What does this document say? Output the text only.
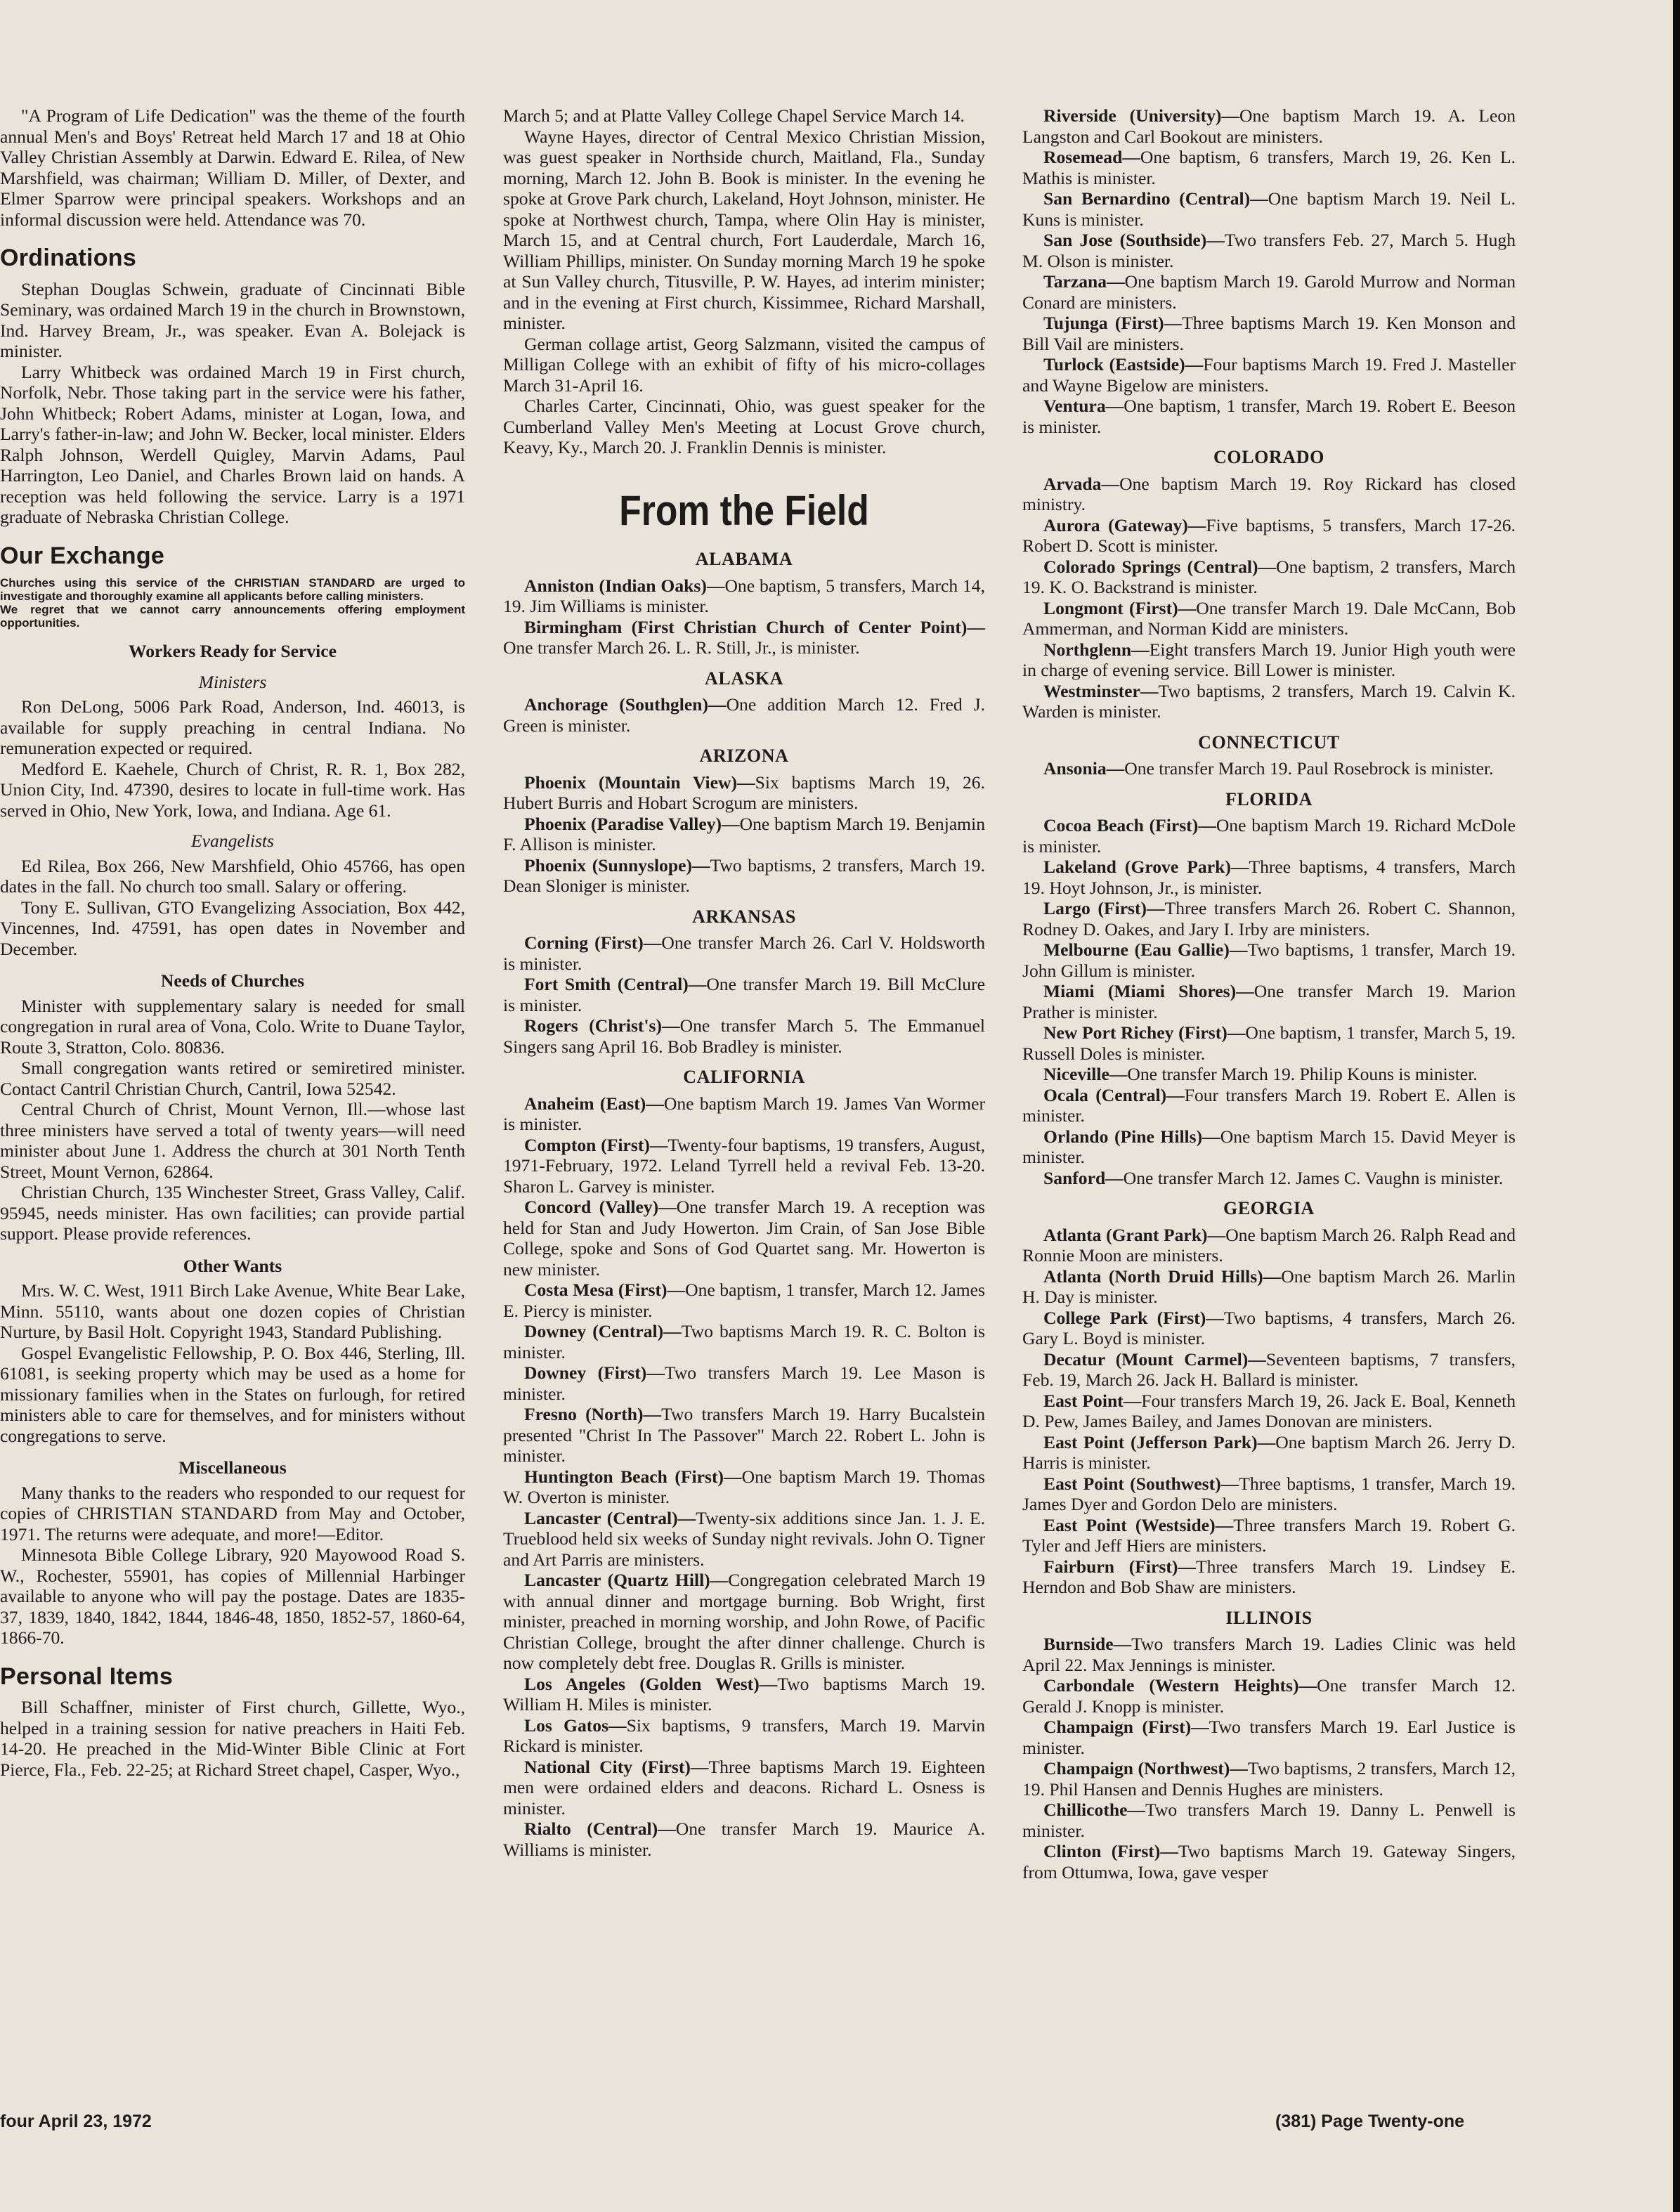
"A Program of Life Dedication" was the theme of the fourth annual Men's and Boys' Retreat held March 17 and 18 at Ohio Valley Christian Assembly at Darwin. Edward E. Rilea, of New Marshfield, was chairman; William D. Miller, of Dexter, and Elmer Sparrow were principal speakers. Workshops and an informal discussion were held. Attendance was 70.

Ordinations

Stephan Douglas Schwein, graduate of Cincinnati Bible Seminary, was ordained March 19 in the church in Brownstown, Ind. Harvey Bream, Jr., was speaker. Evan A. Bolejack is minister.

Larry Whitbeck was ordained March 19 in First church, Norfolk, Nebr. Those taking part in the service were his father, John Whitbeck; Robert Adams, minister at Logan, Iowa, and Larry's father-in-law; and John W. Becker, local minister. Elders Ralph Johnson, Werdell Quigley, Marvin Adams, Paul Harrington, Leo Daniel, and Charles Brown laid on hands. A reception was held following the service. Larry is a 1971 graduate of Nebraska Christian College.

Our Exchange

Churches using this service of the CHRISTIAN STANDARD are urged to investigate and thoroughly examine all applicants before calling ministers.

We regret that we cannot carry announcements offering employment opportunities.

Workers Ready for Service
Ministers

Ron DeLong, 5006 Park Road, Anderson, Ind. 46013, is available for supply preaching in central Indiana. No remuneration expected or required.

Medford E. Kaehele, Church of Christ, R. R. 1, Box 282, Union City, Ind. 47390, desires to locate in full-time work. Has served in Ohio, New York, Iowa, and Indiana. Age 61.

Evangelists

Ed Rilea, Box 266, New Marshfield, Ohio 45766, has open dates in the fall. No church too small. Salary or offering.

Tony E. Sullivan, GTO Evangelizing Association, Box 442, Vincennes, Ind. 47591, has open dates in November and December.

Needs of Churches

Minister with supplementary salary is needed for small congregation in rural area of Vona, Colo. Write to Duane Taylor, Route 3, Stratton, Colo. 80836.

Small congregation wants retired or semiretired minister. Contact Cantril Christian Church, Cantril, Iowa 52542.

Central Church of Christ, Mount Vernon, Ill.—whose last three ministers have served a total of twenty years—will need minister about June 1. Address the church at 301 North Tenth Street, Mount Vernon, 62864.

Christian Church, 135 Winchester Street, Grass Valley, Calif. 95945, needs minister. Has own facilities; can provide partial support. Please provide references.

Other Wants

Mrs. W. C. West, 1911 Birch Lake Avenue, White Bear Lake, Minn. 55110, wants about one dozen copies of Christian Nurture, by Basil Holt. Copyright 1943, Standard Publishing.

Gospel Evangelistic Fellowship, P. O. Box 446, Sterling, Ill. 61081, is seeking property which may be used as a home for missionary families when in the States on furlough, for retired ministers able to care for themselves, and for ministers without congregations to serve.

Miscellaneous

Many thanks to the readers who responded to our request for copies of CHRISTIAN STANDARD from May and October, 1971. The returns were adequate, and more!—Editor.

Minnesota Bible College Library, 920 Mayowood Road S. W., Rochester, 55901, has copies of Millennial Harbinger available to anyone who will pay the postage. Dates are 1835-37, 1839, 1840, 1842, 1844, 1846-48, 1850, 1852-57, 1860-64, 1866-70.

Personal Items

Bill Schaffner, minister of First church, Gillette, Wyo., helped in a training session for native preachers in Haiti Feb. 14-20. He preached in the Mid-Winter Bible Clinic at Fort Pierce, Fla., Feb. 22-25; at Richard Street chapel, Casper, Wyo.,

March 5; and at Platte Valley College Chapel Service March 14.

Wayne Hayes, director of Central Mexico Christian Mission, was guest speaker in Northside church, Maitland, Fla., Sunday morning, March 12. John B. Book is minister. In the evening he spoke at Grove Park church, Lakeland, Hoyt Johnson, minister. He spoke at Northwest church, Tampa, where Olin Hay is minister, March 15, and at Central church, Fort Lauderdale, March 16, William Phillips, minister. On Sunday morning March 19 he spoke at Sun Valley church, Titusville, P. W. Hayes, ad interim minister; and in the evening at First church, Kissimmee, Richard Marshall, minister.

German collage artist, Georg Salzmann, visited the campus of Milligan College with an exhibit of fifty of his micro-collages March 31-April 16.

Charles Carter, Cincinnati, Ohio, was guest speaker for the Cumberland Valley Men's Meeting at Locust Grove church, Keavy, Ky., March 20. J. Franklin Dennis is minister.

From the Field
ALABAMA

Anniston (Indian Oaks)—One baptism, 5 transfers, March 14, 19. Jim Williams is minister.

Birmingham (First Christian Church of Center Point)—One transfer March 26. L. R. Still, Jr., is minister.

ALASKA

Anchorage (Southglen)—One addition March 12. Fred J. Green is minister.

ARIZONA

Phoenix (Mountain View)—Six baptisms March 19, 26. Hubert Burris and Hobart Scrogum are ministers.

Phoenix (Paradise Valley)—One baptism March 19. Benjamin F. Allison is minister.

Phoenix (Sunnyslope)—Two baptisms, 2 transfers, March 19. Dean Sloniger is minister.

ARKANSAS

Corning (First)—One transfer March 26. Carl V. Holdsworth is minister.

Fort Smith (Central)—One transfer March 19. Bill McClure is minister.

Rogers (Christ's)—One transfer March 5. The Emmanuel Singers sang April 16. Bob Bradley is minister.

CALIFORNIA

Anaheim (East)—One baptism March 19. James Van Wormer is minister.

Compton (First)—Twenty-four baptisms, 19 transfers, August, 1971-February, 1972. Leland Tyrrell held a revival Feb. 13-20. Sharon L. Garvey is minister.

Concord (Valley)—One transfer March 19. A reception was held for Stan and Judy Howerton. Jim Crain, of San Jose Bible College, spoke and Sons of God Quartet sang. Mr. Howerton is new minister.

Costa Mesa (First)—One baptism, 1 transfer, March 12. James E. Piercy is minister.

Downey (Central)—Two baptisms March 19. R. C. Bolton is minister.

Downey (First)—Two transfers March 19. Lee Mason is minister.

Fresno (North)—Two transfers March 19. Harry Bucalstein presented "Christ In The Passover" March 22. Robert L. John is minister.

Huntington Beach (First)—One baptism March 19. Thomas W. Overton is minister.

Lancaster (Central)—Twenty-six additions since Jan. 1. J. E. Trueblood held six weeks of Sunday night revivals. John O. Tigner and Art Parris are ministers.

Lancaster (Quartz Hill)—Congregation celebrated March 19 with annual dinner and mortgage burning. Bob Wright, first minister, preached in morning worship, and John Rowe, of Pacific Christian College, brought the after dinner challenge. Church is now completely debt free. Douglas R. Grills is minister.

Los Angeles (Golden West)—Two baptisms March 19. William H. Miles is minister.

Los Gatos—Six baptisms, 9 transfers, March 19. Marvin Rickard is minister.

National City (First)—Three baptisms March 19. Eighteen men were ordained elders and deacons. Richard L. Osness is minister.

Rialto (Central)—One transfer March 19. Maurice A. Williams is minister.

Riverside (University)—One baptism March 19. A. Leon Langston and Carl Bookout are ministers.

Rosemead—One baptism, 6 transfers, March 19, 26. Ken L. Mathis is minister.

San Bernardino (Central)—One baptism March 19. Neil L. Kuns is minister.

San Jose (Southside)—Two transfers Feb. 27, March 5. Hugh M. Olson is minister.

Tarzana—One baptism March 19. Garold Murrow and Norman Conard are ministers.

Tujunga (First)—Three baptisms March 19. Ken Monson and Bill Vail are ministers.

Turlock (Eastside)—Four baptisms March 19. Fred J. Masteller and Wayne Bigelow are ministers.

Ventura—One baptism, 1 transfer, March 19. Robert E. Beeson is minister.

COLORADO

Arvada—One baptism March 19. Roy Rickard has closed ministry.

Aurora (Gateway)—Five baptisms, 5 transfers, March 17-26. Robert D. Scott is minister.

Colorado Springs (Central)—One baptism, 2 transfers, March 19. K. O. Backstrand is minister.

Longmont (First)—One transfer March 19. Dale McCann, Bob Ammerman, and Norman Kidd are ministers.

Northglenn—Eight transfers March 19. Junior High youth were in charge of evening service. Bill Lower is minister.

Westminster—Two baptisms, 2 transfers, March 19. Calvin K. Warden is minister.

CONNECTICUT

Ansonia—One transfer March 19. Paul Rosebrock is minister.

FLORIDA

Cocoa Beach (First)—One baptism March 19. Richard McDole is minister.

Lakeland (Grove Park)—Three baptisms, 4 transfers, March 19. Hoyt Johnson, Jr., is minister.

Largo (First)—Three transfers March 26. Robert C. Shannon, Rodney D. Oakes, and Jary I. Irby are ministers.

Melbourne (Eau Gallie)—Two baptisms, 1 transfer, March 19. John Gillum is minister.

Miami (Miami Shores)—One transfer March 19. Marion Prather is minister.

New Port Richey (First)—One baptism, 1 transfer, March 5, 19. Russell Doles is minister.

Niceville—One transfer March 19. Philip Kouns is minister.

Ocala (Central)—Four transfers March 19. Robert E. Allen is minister.

Orlando (Pine Hills)—One baptism March 15. David Meyer is minister.

Sanford—One transfer March 12. James C. Vaughn is minister.

GEORGIA

Atlanta (Grant Park)—One baptism March 26. Ralph Read and Ronnie Moon are ministers.

Atlanta (North Druid Hills)—One baptism March 26. Marlin H. Day is minister.

College Park (First)—Two baptisms, 4 transfers, March 26. Gary L. Boyd is minister.

Decatur (Mount Carmel)—Seventeen baptisms, 7 transfers, Feb. 19, March 26. Jack H. Ballard is minister.

East Point—Four transfers March 19, 26. Jack E. Boal, Kenneth D. Pew, James Bailey, and James Donovan are ministers.

East Point (Jefferson Park)—One baptism March 26. Jerry D. Harris is minister.

East Point (Southwest)—Three baptisms, 1 transfer, March 19. James Dyer and Gordon Delo are ministers.

East Point (Westside)—Three transfers March 19. Robert G. Tyler and Jeff Hiers are ministers.

Fairburn (First)—Three transfers March 19. Lindsey E. Herndon and Bob Shaw are ministers.

ILLINOIS

Burnside—Two transfers March 19. Ladies Clinic was held April 22. Max Jennings is minister.

Carbondale (Western Heights)—One transfer March 12. Gerald J. Knopp is minister.

Champaign (First)—Two transfers March 19. Earl Justice is minister.

Champaign (Northwest)—Two baptisms, 2 transfers, March 12, 19. Phil Hansen and Dennis Hughes are ministers.

Chillicothe—Two transfers March 19. Danny L. Penwell is minister.

Clinton (First)—Two baptisms March 19. Gateway Singers, from Ottumwa, Iowa, gave vesper

four April 23, 1972	(381) Page Twenty-one
